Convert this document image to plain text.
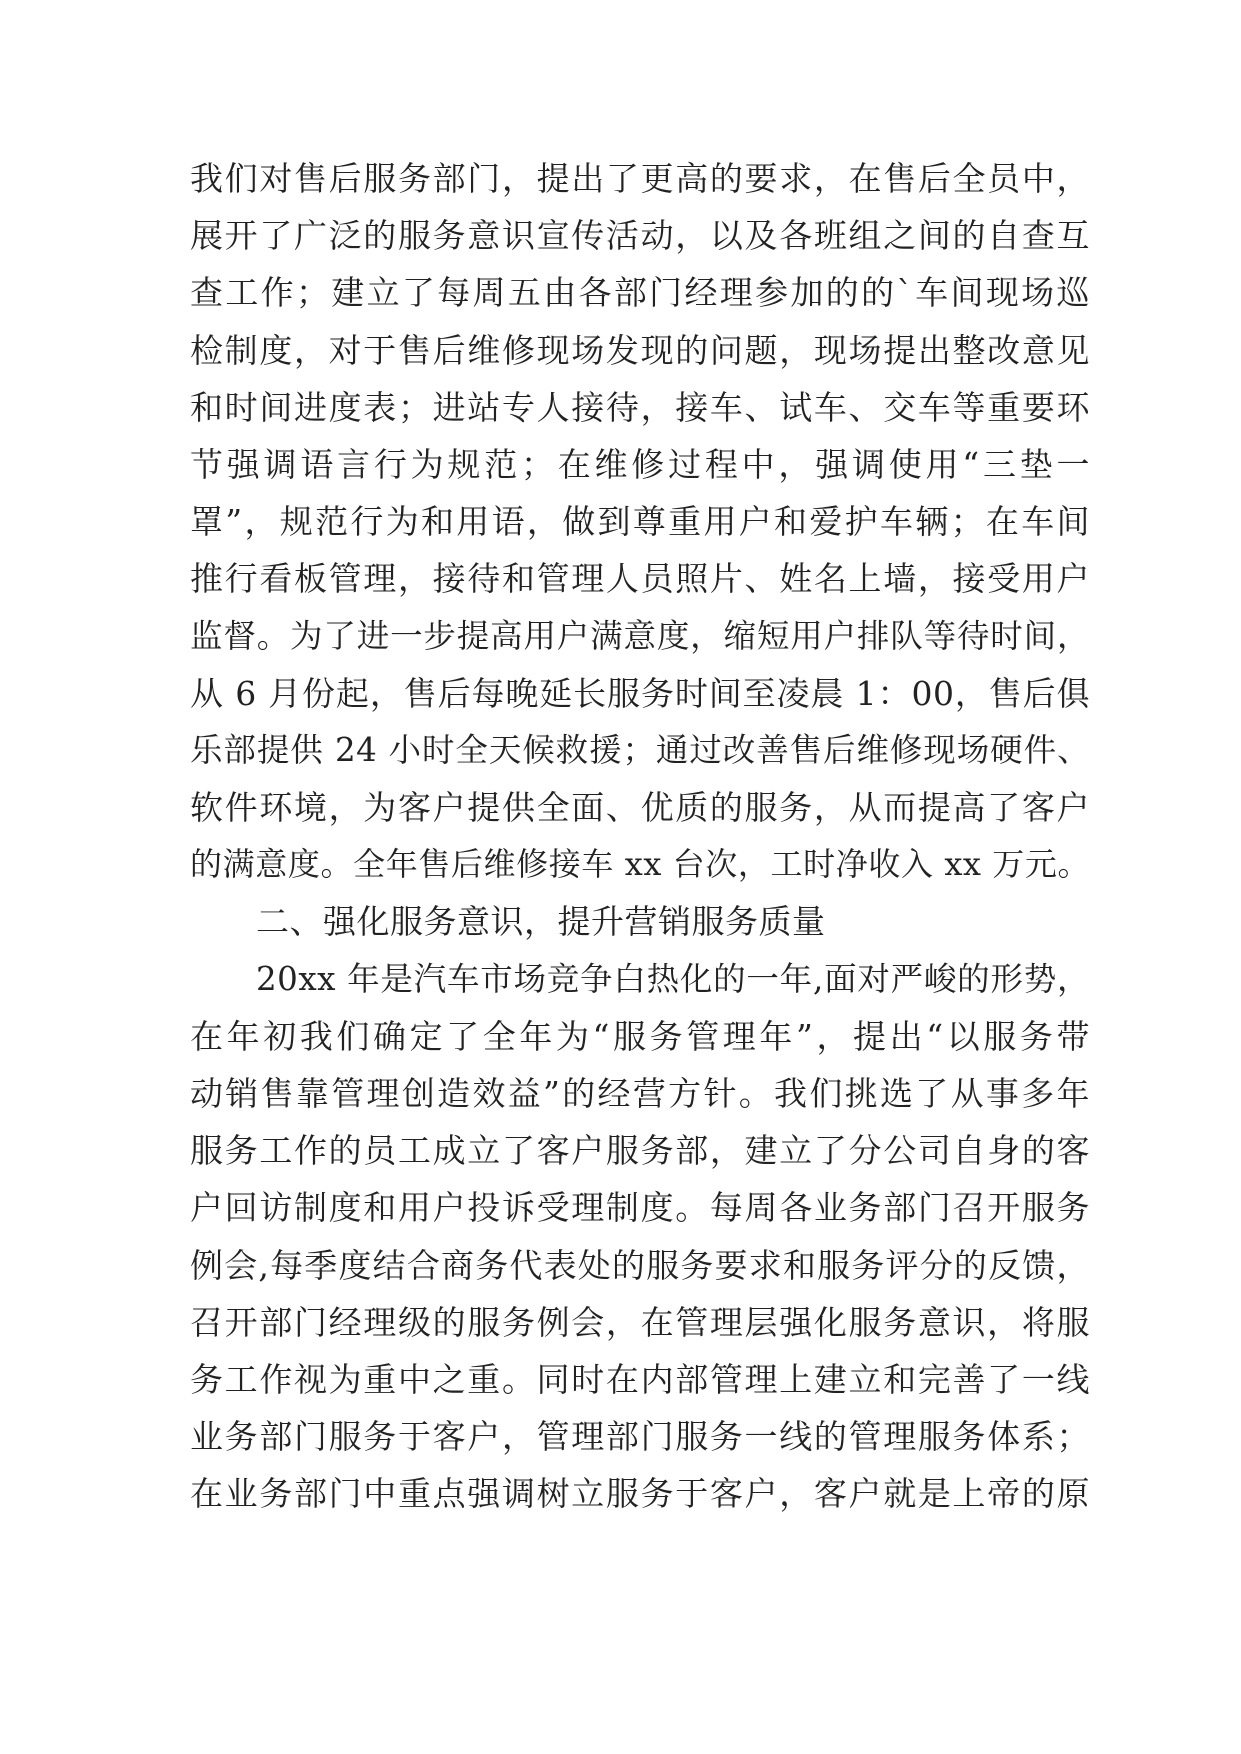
我们对售后服务部门，提出了更高的要求，在售后全员中，
展开了广泛的服务意识宣传活动，以及各班组之间的自查互
查工作；建立了每周五由各部门经理参加的的`车间现场巡
检制度，对于售后维修现场发现的问题，现场提出整改意见
和时间进度表；进站专人接待，接车、试车、交车等重要环
节强调语言行为规范；在维修过程中，强调使用“三垫一
罩”，规范行为和用语，做到尊重用户和爱护车辆；在车间
推行看板管理，接待和管理人员照片、姓名上墙，接受用户
监督。为了进一步提高用户满意度，缩短用户排队等待时间，
从 6 月份起，售后每晚延长服务时间至凌晨 1：00，售后俱
乐部提供 24 小时全天候救援；通过改善售后维修现场硬件、
软件环境，为客户提供全面、优质的服务，从而提高了客户
的满意度。全年售后维修接车 xx 台次，工时净收入 xx 万元。
二、强化服务意识，提升营销服务质量
20xx 年是汽车市场竞争白热化的一年,面对严峻的形势，
在年初我们确定了全年为“服务管理年”，提出“以服务带
动销售靠管理创造效益”的经营方针。我们挑选了从事多年
服务工作的员工成立了客户服务部，建立了分公司自身的客
户回访制度和用户投诉受理制度。每周各业务部门召开服务
例会,每季度结合商务代表处的服务要求和服务评分的反馈，
召开部门经理级的服务例会，在管理层强化服务意识，将服
务工作视为重中之重。同时在内部管理上建立和完善了一线
业务部门服务于客户，管理部门服务一线的管理服务体系；
在业务部门中重点强调树立服务于客户，客户就是上帝的原
